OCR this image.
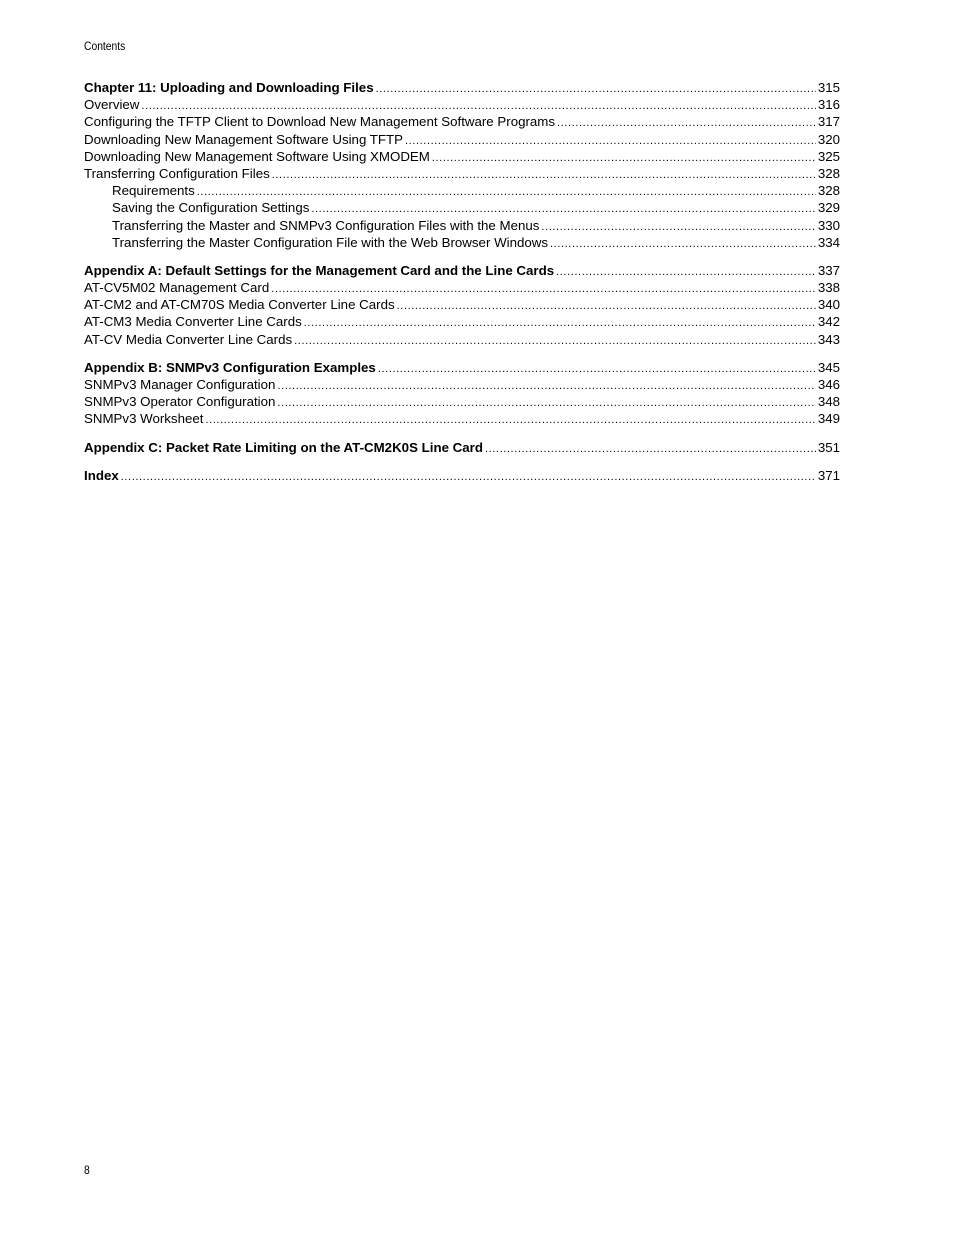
Contents
Chapter 11: Uploading and Downloading Files .....	315
Overview .....	316
Configuring the TFTP Client to Download New Management Software Programs .....	317
Downloading New Management Software Using TFTP .....	320
Downloading New Management Software Using XMODEM .....	325
Transferring Configuration Files .....	328
Requirements .....	328
Saving the Configuration Settings .....	329
Transferring the Master and SNMPv3 Configuration Files with the Menus .....	330
Transferring the Master Configuration File with the Web Browser Windows .....	334
Appendix A: Default Settings for the Management Card and the Line Cards .....	337
AT-CV5M02 Management Card .....	338
AT-CM2 and AT-CM70S Media Converter Line Cards .....	340
AT-CM3 Media Converter Line Cards .....	342
AT-CV Media Converter Line Cards .....	343
Appendix B: SNMPv3 Configuration Examples .....	345
SNMPv3 Manager Configuration .....	346
SNMPv3 Operator Configuration .....	348
SNMPv3 Worksheet .....	349
Appendix C: Packet Rate Limiting on the AT-CM2K0S Line Card .....	351
Index .....	371
8
